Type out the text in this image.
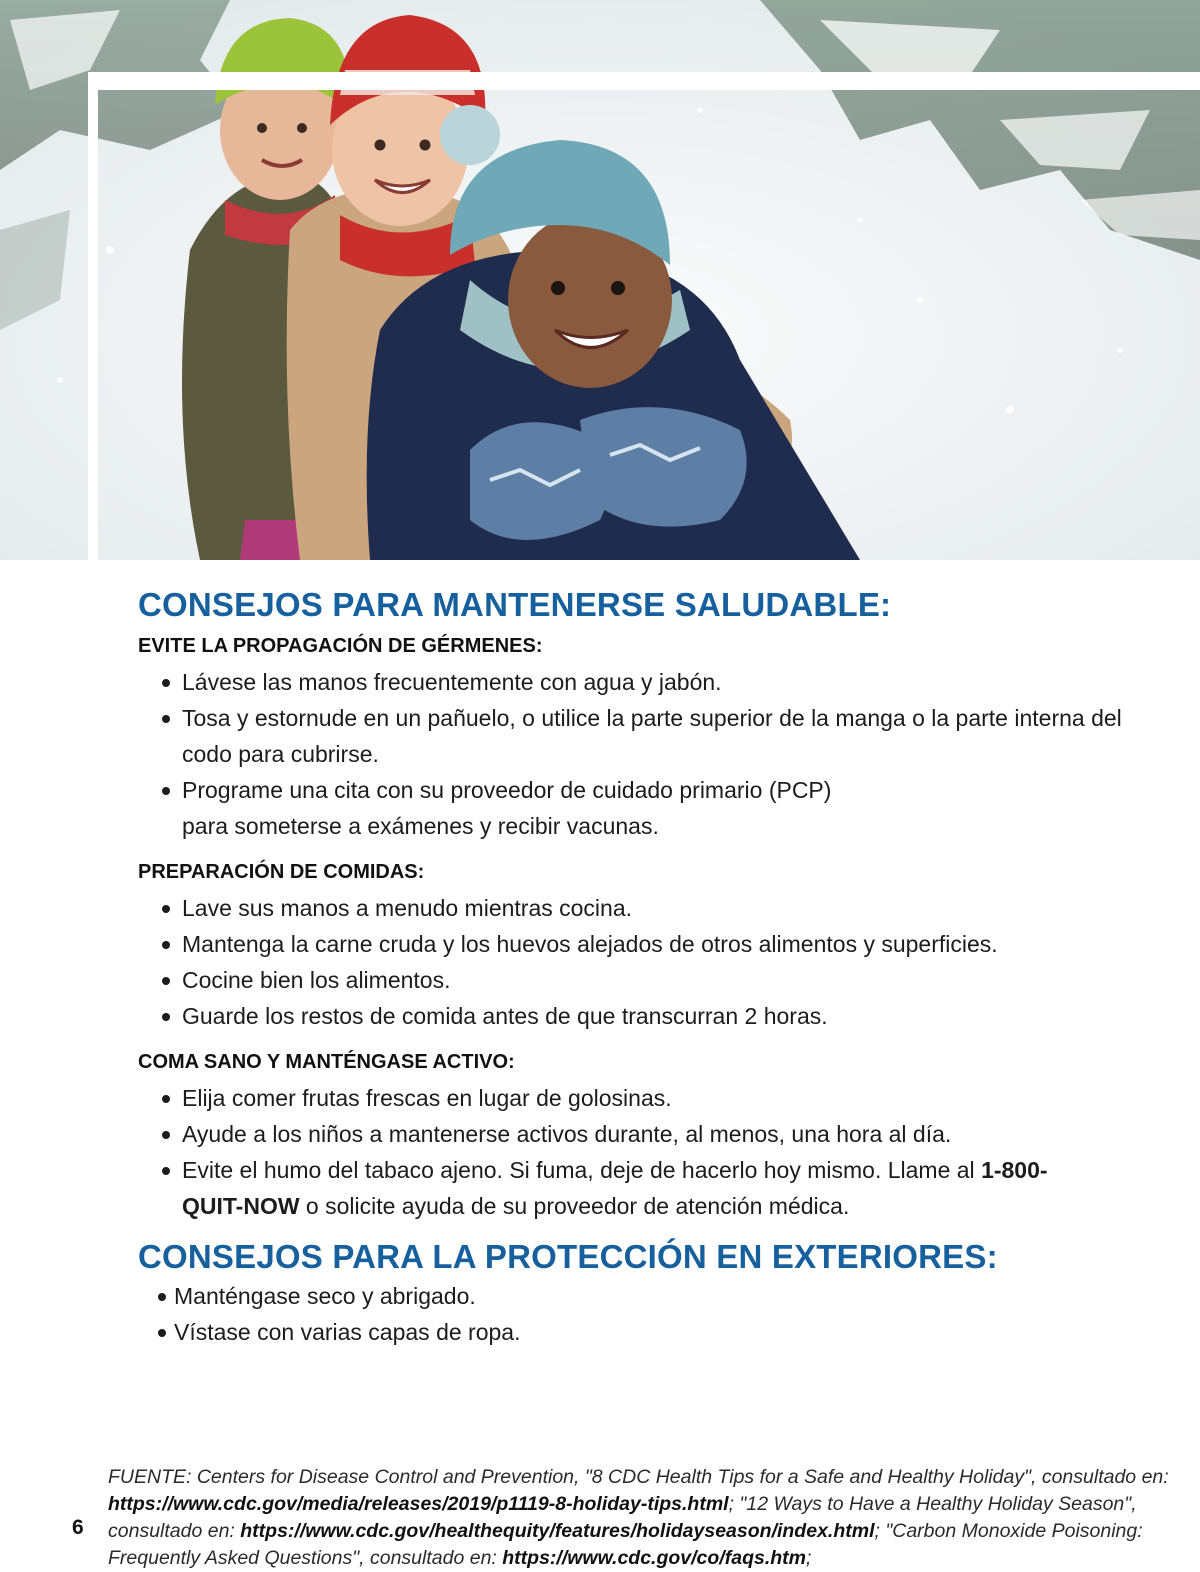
CONSEJOS PARA MANTENERSE SALUDABLE:
EVITE LA PROPAGACIÓN DE GÉRMENES:
Lávese las manos frecuentemente con agua y jabón.
Tosa y estornude en un pañuelo, o utilice la parte superior de la manga o la parte interna del codo para cubrirse.
Programe una cita con su proveedor de cuidado primario (PCP) para someterse a exámenes y recibir vacunas.
PREPARACIÓN DE COMIDAS:
Lave sus manos a menudo mientras cocina.
Mantenga la carne cruda y los huevos alejados de otros alimentos y superficies.
Cocine bien los alimentos.
Guarde los restos de comida antes de que transcurran 2 horas.
COMA SANO Y MANTÉNGASE ACTIVO:
Elija comer frutas frescas en lugar de golosinas.
Ayude a los niños a mantenerse activos durante, al menos, una hora al día.
Evite el humo del tabaco ajeno. Si fuma, deje de hacerlo hoy mismo. Llame al 1-800-QUIT-NOW o solicite ayuda de su proveedor de atención médica.
CONSEJOS PARA LA PROTECCIÓN EN EXTERIORES:
Manténgase seco y abrigado.
Vístase con varias capas de ropa.
FUENTE: Centers for Disease Control and Prevention, "8 CDC Health Tips for a Safe and Healthy Holiday", consultado en: https://www.cdc.gov/media/releases/2019/p1119-8-holiday-tips.html; "12 Ways to Have a Healthy Holiday Season", consultado en: https://www.cdc.gov/healthequity/features/holidayseason/index.html; "Carbon Monoxide Poisoning: Frequently Asked Questions", consultado en: https://www.cdc.gov/co/faqs.htm;
6
